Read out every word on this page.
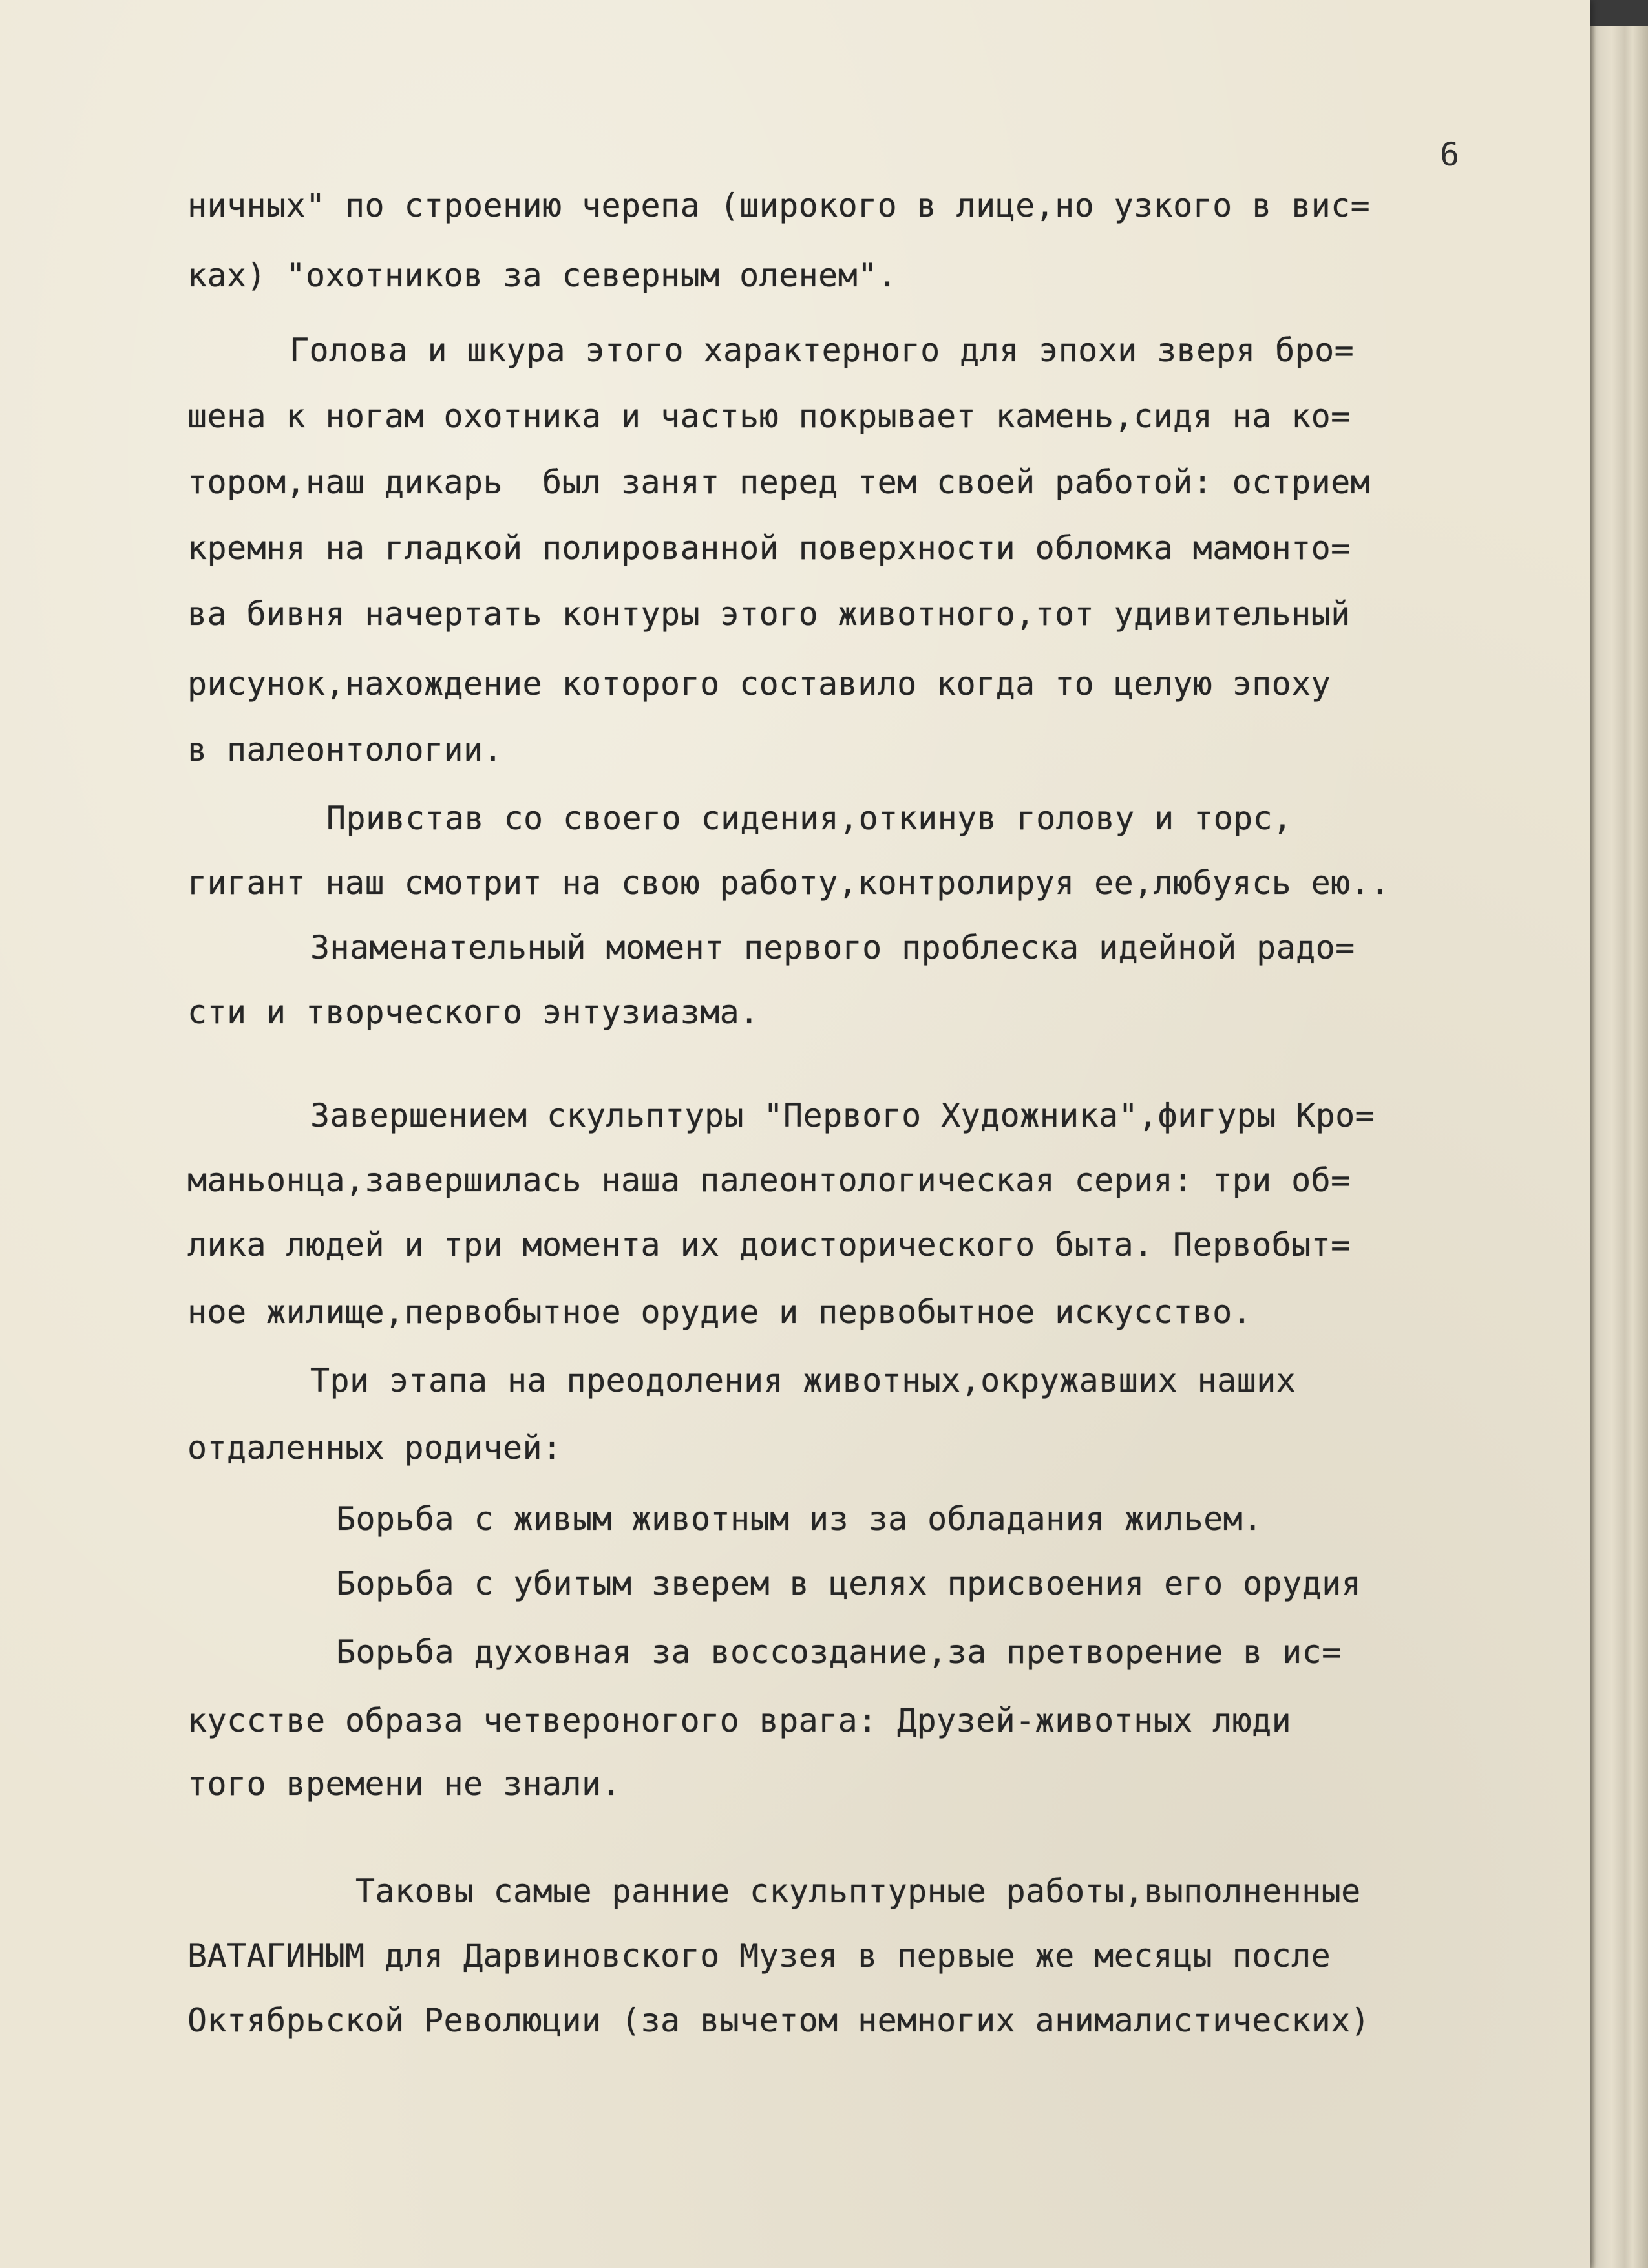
6
ничных" по строению черепа (широкого в лице,но узкого в вис=
ках) "охотников за северным оленем".
Голова и шкура этого характерного для эпохи зверя бро=
шена к ногам охотника и частью покрывает камень,сидя на ко=
тором,наш дикарь  был занят перед тем своей работой: острием
кремня на гладкой полированной поверхности обломка мамонто=
ва бивня начертать контуры этого животного,тот удивительный
рисунок,нахождение которого составило когда то целую эпоху
в палеонтологии.
Привстав со своего сидения,откинув голову и торс,
гигант наш смотрит на свою работу,контролируя ее,любуясь ею..
Знаменательный момент первого проблеска идейной радо=
сти и творческого энтузиазма.
Завершением скульптуры "Первого Художника",фигуры Кро=
маньонца,завершилась наша палеонтологическая серия: три об=
лика людей и три момента их доисторического быта. Первобыт=
ное жилище,первобытное орудие и первобытное искусство.
Три этапа на преодоления животных,окружавших наших
отдаленных родичей:
Борьба с живым животным из за обладания жильем.
Борьба с убитым зверем в целях присвоения его орудия
Борьба духовная за воссоздание,за претворение в ис=
кусстве образа четвероногого врага: Друзей-животных люди
того времени не знали.
Таковы самые ранние скульптурные работы,выполненные
ВАТАГИНЫМ для Дарвиновского Музея в первые же месяцы после
Октябрьской Революции (за вычетом немногих анималистических)
